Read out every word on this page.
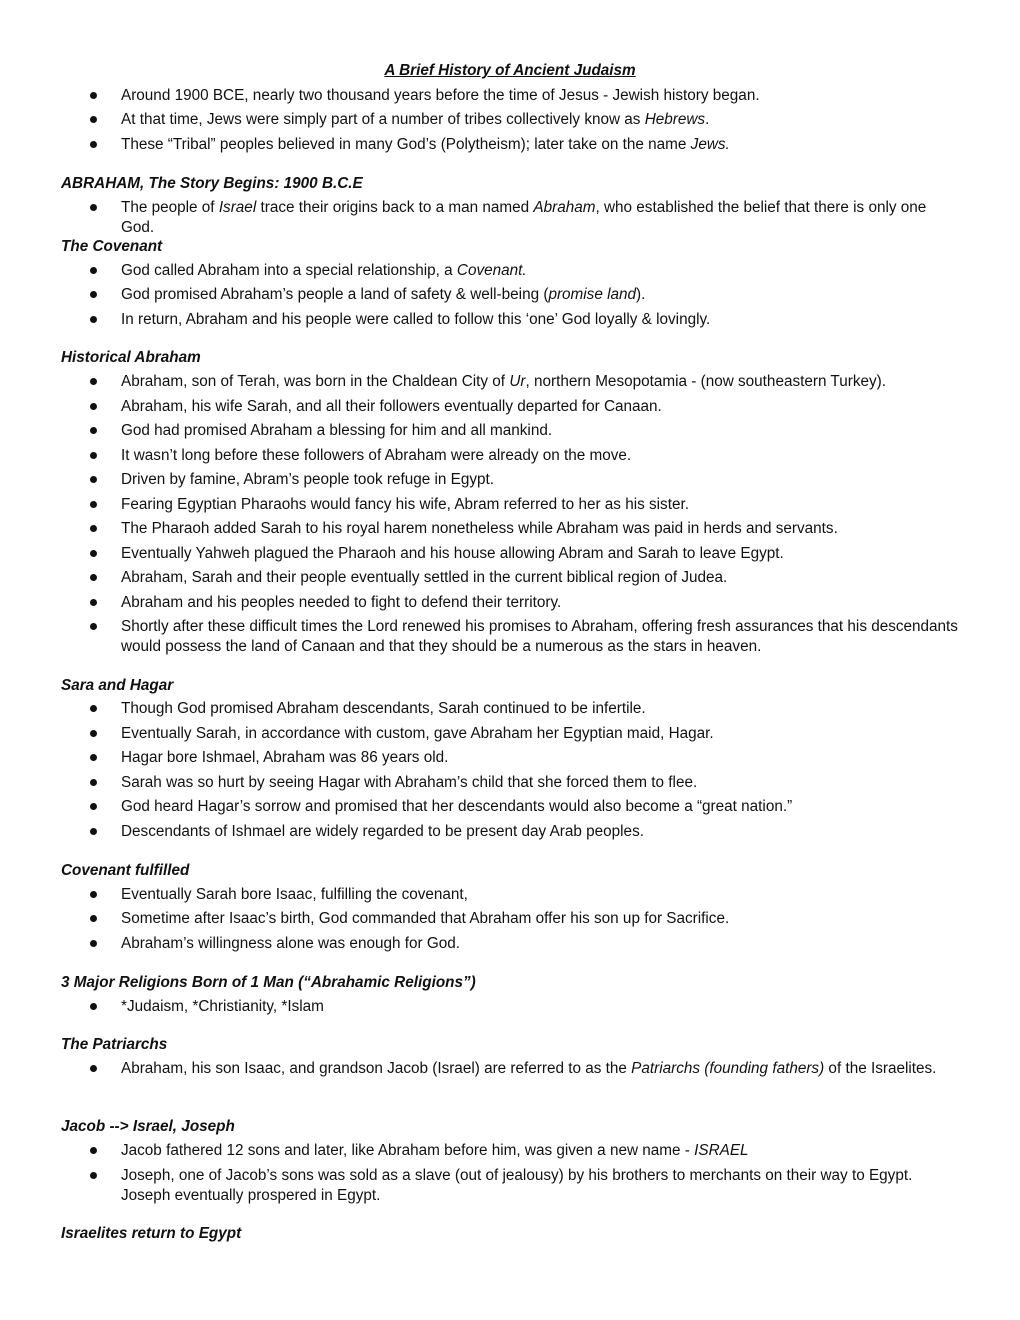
A Brief History of Ancient Judaism
Around 1900 BCE, nearly two thousand years before the time of Jesus - Jewish history began.
At that time, Jews were simply part of a number of tribes collectively know as Hebrews.
These “Tribal” peoples believed in many God’s (Polytheism); later take on the name Jews.
ABRAHAM, The Story Begins: 1900 B.C.E
The people of Israel trace their origins back to a man named Abraham, who established the belief that there is only one God.
The Covenant
God called Abraham into a special relationship, a Covenant.
God promised Abraham’s people a land of safety & well-being (promise land).
In return, Abraham and his people were called to follow this ‘one’ God loyally & lovingly.
Historical Abraham
Abraham, son of Terah, was born in the Chaldean City of Ur, northern Mesopotamia - (now southeastern Turkey).
Abraham, his wife Sarah, and all their followers eventually departed for Canaan.
God had promised Abraham a blessing for him and all mankind.
It wasn’t long before these followers of Abraham were already on the move.
Driven by famine, Abram’s people took refuge in Egypt.
Fearing Egyptian Pharaohs would fancy his wife, Abram referred to her as his sister.
The Pharaoh added Sarah to his royal harem nonetheless while Abraham was paid in herds and servants.
Eventually Yahweh plagued the Pharaoh and his house allowing Abram and Sarah to leave Egypt.
Abraham, Sarah and their people eventually settled in the current biblical region of Judea.
Abraham and his peoples needed to fight to defend their territory.
Shortly after these difficult times the Lord renewed his promises to Abraham, offering fresh assurances that his descendants would possess the land of Canaan and that they should be a numerous as the stars in heaven.
Sara and Hagar
Though God promised Abraham descendants, Sarah continued to be infertile.
Eventually Sarah, in accordance with custom, gave Abraham her Egyptian maid, Hagar.
Hagar bore Ishmael, Abraham was 86 years old.
Sarah was so hurt by seeing Hagar with Abraham’s child that she forced them to flee.
God heard Hagar’s sorrow and promised that her descendants would also become a “great nation.”
Descendants of Ishmael are widely regarded to be present day Arab peoples.
Covenant fulfilled
Eventually Sarah bore Isaac, fulfilling the covenant,
Sometime after Isaac’s birth, God commanded that Abraham offer his son up for Sacrifice.
Abraham’s willingness alone was enough for God.
3 Major Religions Born of 1 Man (“Abrahamic Religions”)
*Judaism, *Christianity, *Islam
The Patriarchs
Abraham, his son Isaac, and grandson Jacob (Israel) are referred to as the Patriarchs (founding fathers) of the Israelites.
Jacob --> Israel, Joseph
Jacob fathered 12 sons and later, like Abraham before him, was given a new name - ISRAEL
Joseph, one of Jacob’s sons was sold as a slave (out of jealousy) by his brothers to merchants on their way to Egypt. Joseph eventually prospered in Egypt.
Israelites return to Egypt
